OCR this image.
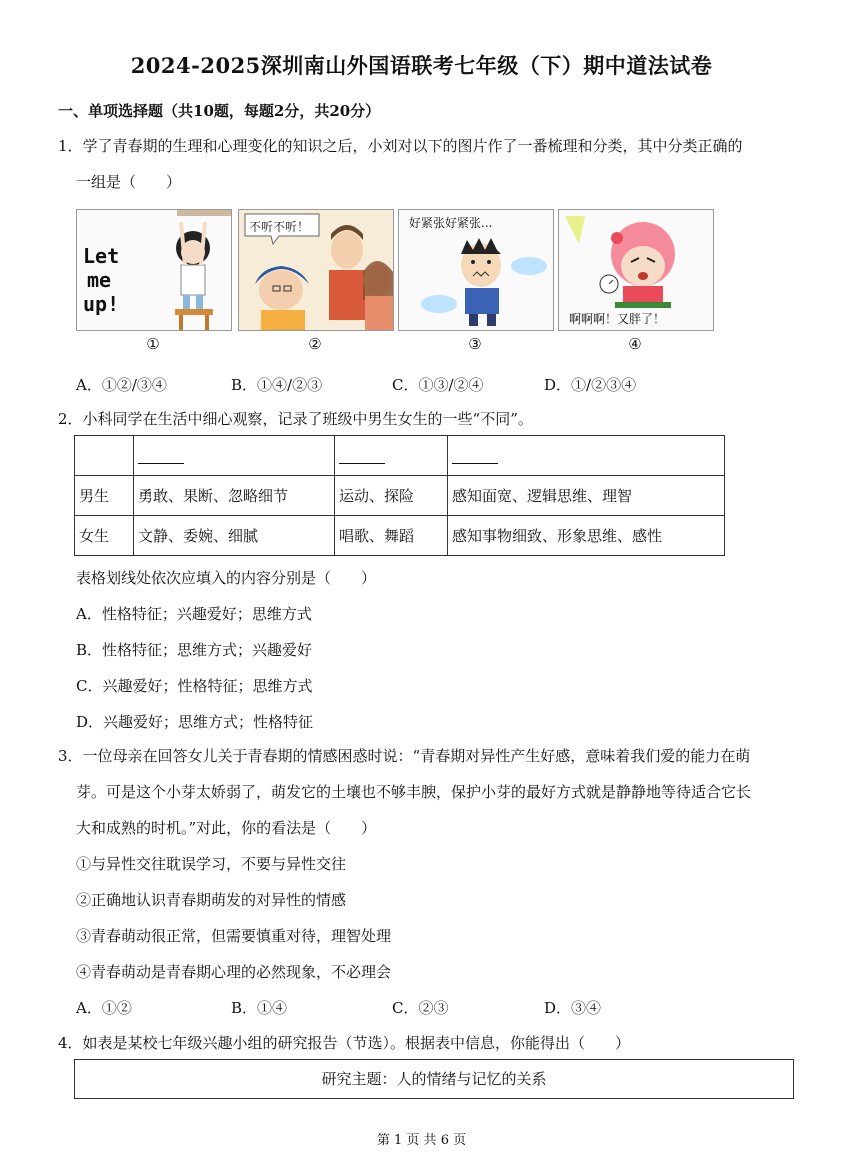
2024-2025深圳南山外国语联考七年级（下）期中道法试卷
一、单项选择题（共10题，每题2分，共20分）
1．学了青春期的生理和心理变化的知识之后，小刘对以下的图片作了一番梳理和分类，其中分类正确的
一组是（　　）
Let
me
up!
①
不听不听！
②
好紧张好紧张...
③
啊啊啊！又胖了！
④
A．①②/③④	B．①④/②③	C．①③/②④	D．①/②③④
2．小科同学在生活中细心观察，记录了班级中男生女生的一些“不同”。

男生	勇敢、果断、忽略细节	运动、探险	感知面宽、逻辑思维、理智
女生	文静、委婉、细腻	唱歌、舞蹈	感知事物细致、形象思维、感性
表格划线处依次应填入的内容分别是（　　）
A．性格特征；兴趣爱好；思维方式
B．性格特征；思维方式；兴趣爱好
C．兴趣爱好；性格特征；思维方式
D．兴趣爱好；思维方式；性格特征
3．一位母亲在回答女儿关于青春期的情感困惑时说：“青春期对异性产生好感，意味着我们爱的能力在萌
芽。可是这个小芽太娇弱了，萌发它的土壤也不够丰腴，保护小芽的最好方式就是静静地等待适合它长
大和成熟的时机。”对此，你的看法是（　　）
①与异性交往耽误学习，不要与异性交往
②正确地认识青春期萌发的对异性的情感
③青春萌动很正常，但需要慎重对待，理智处理
④青春萌动是青春期心理的必然现象，不必理会
A．①②	B．①④	C．②③	D．③④
4．如表是某校七年级兴趣小组的研究报告（节选）。根据表中信息，你能得出（　　）
研究主题：人的情绪与记忆的关系
第 1 页 共 6 页
